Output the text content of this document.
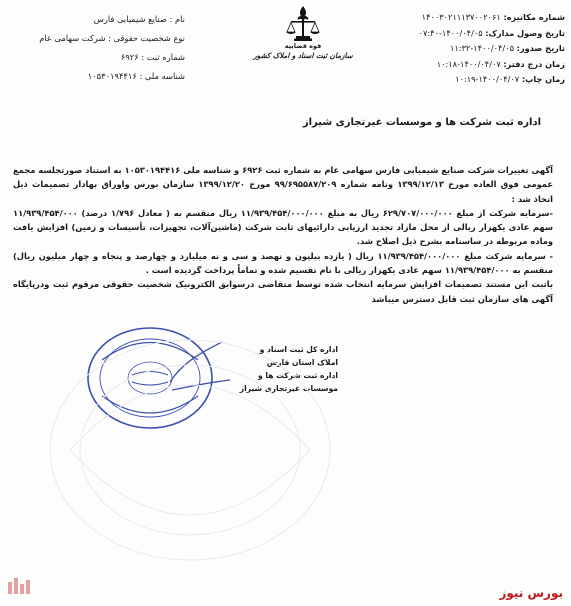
شماره مکانیزه: ۱۴۰۰۳۰۲۱۱۱۳۷۰۰۲۰۶۱
تاریخ وصول مدارک: ۱۴۰۰/۰۴/۰۵-۰۷:۴۰
تاریخ صدور: ۱۴۰۰/۰۴/۰۵-۱۱:۳۲
زمان درج دفتر: ۱۴۰۰/۰۴/۰۷-۱۰:۱۸
زمان چاپ: ۱۴۰۰/۰۴/۰۷-۱۰:۱۹
قوه قضاییه
سازمان ثبت اسناد و املاک کشور
نام : صنایع شیمیایی فارس
نوع شخصیت حقوقی : شرکت سهامی عام
شماره ثبت : ۶۹۲۶
شناسه ملی : ۱۰۵۳۰۱۹۴۴۱۶
اداره ثبت شرکت ها و موسسات غیرتجاری شیراز

آگهی تغییرات شرکت صنایع شیمیایی فارس سهامی عام به شماره ثبت ۶۹۲۶ و شناسه ملی ۱۰۵۳۰۱۹۴۴۱۶ به استناد صورتجلسه مجمع عمومی فوق العاده مورخ ۱۳۹۹/۱۲/۱۳ ونامه شماره ۹۹/۶۹۵۵۸۷/۲۰۹ مورخ ۱۳۹۹/۱۲/۲۰ سازمان بورس واوراق بهادار تصمیمات ذیل اتخاذ شد :

-سرمایه شرکت از مبلغ ۶۲۹/۷۰۷/۰۰۰/۰۰۰ ریال به مبلغ ۱۱/۹۳۹/۴۵۴/۰۰۰/۰۰۰ ریال منقسم به ( معادل ۱/۷۹۶ درصد) ۱۱/۹۳۹/۴۵۴/۰۰۰ سهم عادی یکهزار ریالی از محل مازاد تجدید ارزیابی دارائیهای ثابت شرکت (ماشین‌آلات، تجهیزات، تأسیسات و زمین) افزایش یافت وماده مربوطه در ساسنامه بشرح ذیل اصلاح شد.

- سرمایه شرکت مبلغ ۱۱/۹۳۹/۴۵۴/۰۰۰/۰۰۰ ریال ( یازده بیلیون و نهصد و سی و نه میلیارد و چهارصد و پنجاه و چهار میلیون ریال) منقسم به ۱۱/۹۳۹/۴۵۴/۰۰۰ سهم عادی یکهزار ریالی با نام تقسیم شده و تماماً پرداخت گردیده است .

باثبت این مستند تصمیمات افزایش سرمایه انتخاب شده توسط متقاضی درسوابق الکترونیک شخصیت حقوقی مرقوم ثبت ودرپایگاه آگهی های سازمان ثبت قابل دسترس میباشد

اداره کل ثبت اسناد و املاک استان فارس
اداره ثبت شرکت ها و موسسات غیرتجاری شیراز
بورس نیوز
